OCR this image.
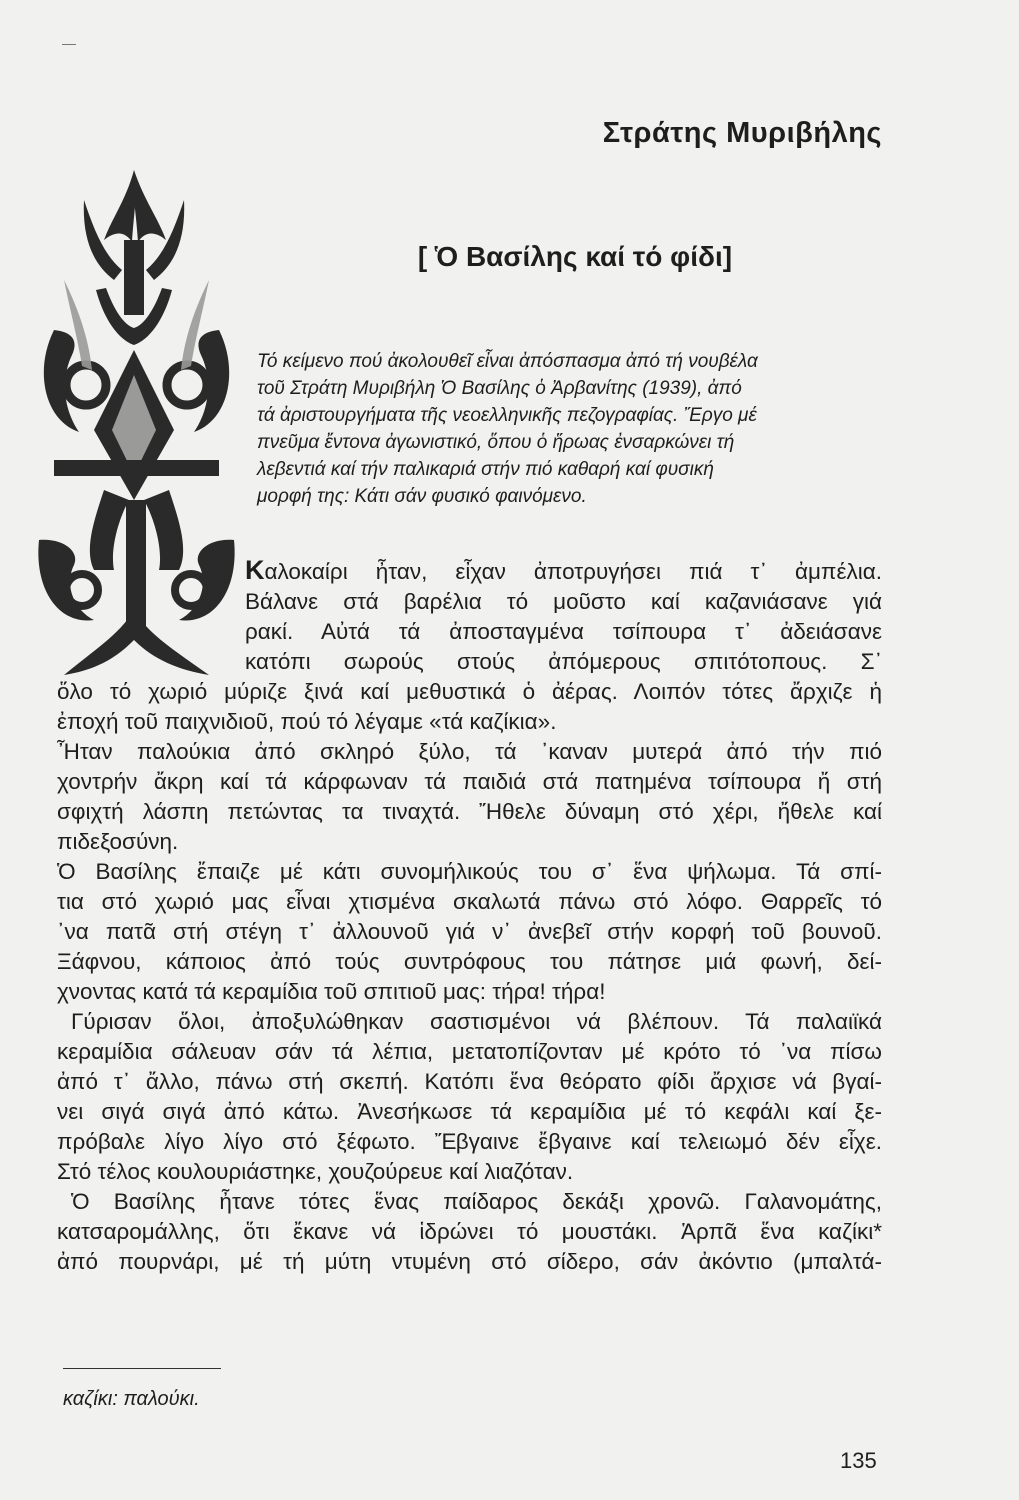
Στράτης Μυριβήλης
[ Ὁ Βασίλης καί τό φίδι]
Τό κείμενο πού ἀκολουθεῖ εἶναι ἀπόσπασμα ἀπό τή νουβέλα
τοῦ Στράτη Μυριβήλη Ὁ Βασίλης ὁ Ἀρβανίτης (1939), ἀπό
τά ἀριστουργήματα τῆς νεοελληνικῆς πεζογραφίας. Ἔργο μέ
πνεῦμα ἔντονα ἀγωνιστικό, ὅπου ὁ ἥρωας ἐνσαρκώνει τή
λεβεντιά καί τήν παλικαριά στήν πιό καθαρή καί φυσική
μορφή της: Κάτι σάν φυσικό φαινόμενο.
Καλοκαίρι ἦταν, εἶχαν ἀποτρυγήσει πιά τ᾽ ἀμπέλια.
Βάλανε στά βαρέλια τό μοῦστο καί καζανιάσανε γιά
ρακί. Αὐτά τά ἀποσταγμένα τσίπουρα τ᾽ ἀδειάσανε
κατόπι σωρούς στούς ἀπόμερους σπιτότοπους. Σ᾽
ὅλο τό χωριό μύριζε ξινά καί μεθυστικά ὁ ἀέρας. Λοιπόν τότες ἄρχιζε ἡ
ἐποχή τοῦ παιχνιδιοῦ, πού τό λέγαμε «τά καζίκια».
Ἦταν παλούκια ἀπό σκληρό ξύλο, τά ᾽καναν μυτερά ἀπό τήν πιό
χοντρήν ἄκρη καί τά κάρφωναν τά παιδιά στά πατημένα τσίπουρα ἤ στή
σφιχτή λάσπη πετώντας τα τιναχτά. Ἤθελε δύναμη στό χέρι, ἤθελε καί
πιδεξοσύνη.
Ὁ Βασίλης ἔπαιζε μέ κάτι συνομήλικούς του σ᾽ ἕνα ψήλωμα. Τά σπί-
τια στό χωριό μας εἶναι χτισμένα σκαλωτά πάνω στό λόφο. Θαρρεῖς τό
᾽να πατᾶ στή στέγη τ᾽ ἀλλουνοῦ γιά ν᾽ ἀνεβεῖ στήν κορφή τοῦ βουνοῦ.
Ξάφνου, κάποιος ἀπό τούς συντρόφους του πάτησε μιά φωνή, δεί-
χνοντας κατά τά κεραμίδια τοῦ σπιτιοῦ μας: τήρα! τήρα!
Γύρισαν ὅλοι, ἀποξυλώθηκαν σαστισμένοι νά βλέπουν. Τά παλαιϊκά
κεραμίδια σάλευαν σάν τά λέπια, μετατοπίζονταν μέ κρότο τό ᾽να πίσω
ἀπό τ᾽ ἄλλο, πάνω στή σκεπή. Κατόπι ἕνα θεόρατο φίδι ἄρχισε νά βγαί-
νει σιγά σιγά ἀπό κάτω. Ἀνεσήκωσε τά κεραμίδια μέ τό κεφάλι καί ξε-
πρόβαλε λίγο λίγο στό ξέφωτο. Ἔβγαινε ἔβγαινε καί τελειωμό δέν εἶχε.
Στό τέλος κουλουριάστηκε, χουζούρευε καί λιαζόταν.
Ὁ Βασίλης ἦτανε τότες ἕνας παίδαρος δεκάξι χρονῶ. Γαλανομάτης,
κατσαρομάλλης, ὅτι ἔκανε νά ἱδρώνει τό μουστάκι. Ἁρπᾶ ἕνα καζίκι*
ἀπό πουρνάρι, μέ τή μύτη ντυμένη στό σίδερο, σάν ἀκόντιο (μπαλτά-
καζίκι: παλούκι.
135
